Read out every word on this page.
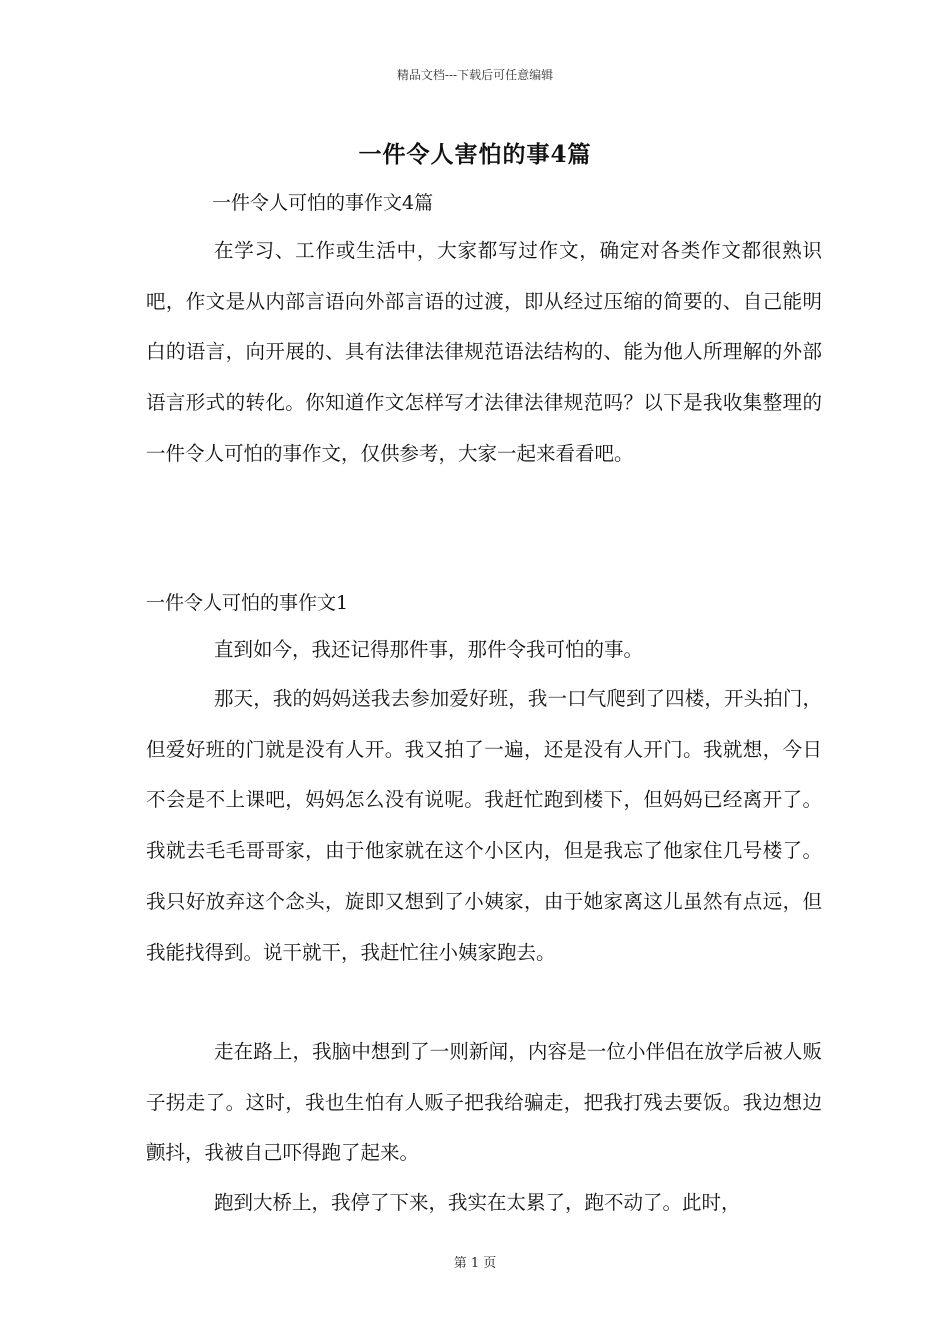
精品文档---下载后可任意编辑
一件令人害怕的事4篇
一件令人可怕的事作文4篇

在学习、工作或生活中，大家都写过作文，确定对各类作文都很熟识吧，作文是从内部言语向外部言语的过渡，即从经过压缩的简要的、自己能明白的语言，向开展的、具有法律法律规范语法结构的、能为他人所理解的外部语言形式的转化。你知道作文怎样写才法律法律规范吗？以下是我收集整理的一件令人可怕的事作文，仅供参考，大家一起来看看吧。

一件令人可怕的事作文1

直到如今，我还记得那件事，那件令我可怕的事。

那天，我的妈妈送我去参加爱好班，我一口气爬到了四楼，开头拍门，但爱好班的门就是没有人开。我又拍了一遍，还是没有人开门。我就想，今日不会是不上课吧，妈妈怎么没有说呢。我赶忙跑到楼下，但妈妈已经离开了。我就去毛毛哥哥家，由于他家就在这个小区内，但是我忘了他家住几号楼了。我只好放弃这个念头，旋即又想到了小姨家，由于她家离这儿虽然有点远，但我能找得到。说干就干，我赶忙往小姨家跑去。

走在路上，我脑中想到了一则新闻，内容是一位小伴侣在放学后被人贩子拐走了。这时，我也生怕有人贩子把我给骗走，把我打残去要饭。我边想边颤抖，我被自己吓得跑了起来。

跑到大桥上，我停了下来，我实在太累了，跑不动了。此时，

第 1 页
